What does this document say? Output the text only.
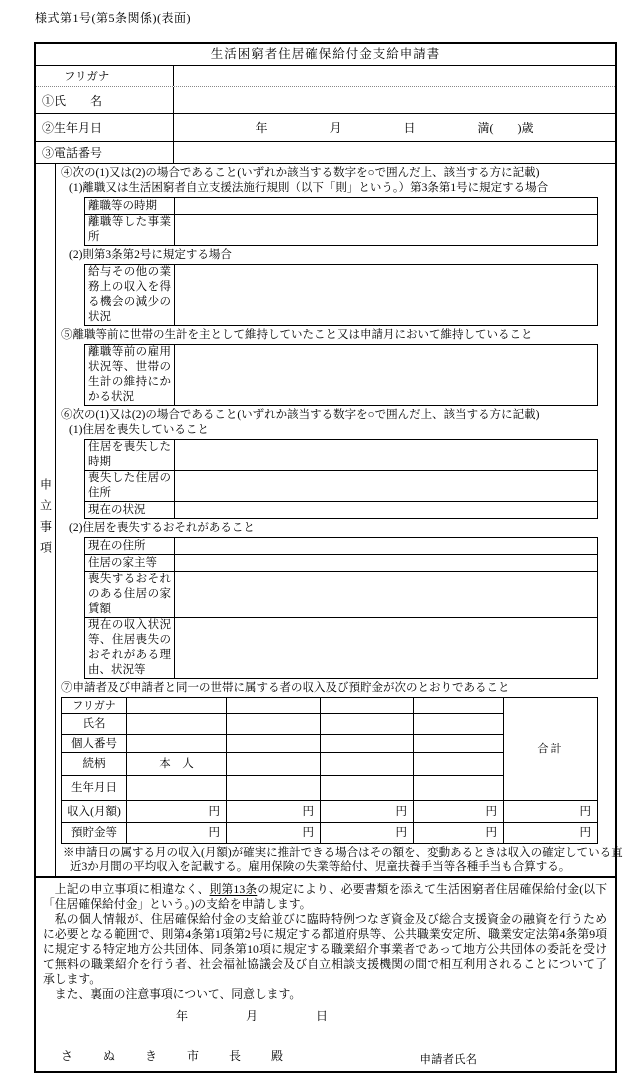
様式第1号(第5条関係)(表面)
生活困窮者住居確保給付金支給申請書
フリガナ
①氏　　名
②生年月日	年	月	日	満(　　)歳
③電話番号
申立事項
④次の(1)又は(2)の場合であること(いずれか該当する数字を○で囲んだ上、該当する方に記載)
(1)離職又は生活困窮者自立支援法施行規則（以下「則」という。）第3条第1号に規定する場合
離職等の時期	
離職等した事業所	
(2)則第3条第2号に規定する場合
給与その他の業務上の収入を得る機会の減少の状況	
⑤離職等前に世帯の生計を主として維持していたこと又は申請月において維持していること
離職等前の雇用状況等、世帯の生計の維持にかかる状況	
⑥次の(1)又は(2)の場合であること(いずれか該当する数字を○で囲んだ上、該当する方に記載)
(1)住居を喪失していること
住居を喪失した時期	
喪失した住居の住所	
現在の状況	
(2)住居を喪失するおそれがあること
現在の住所	
住居の家主等	
喪失するおそれのある住居の家賃額	
現在の収入状況等、住居喪失のおそれがある理由、状況等	
⑦申請者及び申請者と同一の世帯に属する者の収入及び預貯金が次のとおりであること
フリガナ					合計
氏名					
個人番号					
続柄	本　人				
生年月日					
収入(月額)	円	円	円	円	円
預貯金等	円	円	円	円	円
※申請日の属する月の収入(月額)が確実に推計できる場合はその額を、変動あるときは収入の確定している直
近3か月間の平均収入を記載する。雇用保険の失業等給付、児童扶養手当等各種手当も合算する。

上記の申立事項に相違なく、則第13条の規定により、必要書類を添えて生活困窮者住居確保給付金(以下「住居確保給付金」という。)の支給を申請します。

私の個人情報が、住居確保給付金の支給並びに臨時特例つなぎ資金及び総合支援資金の融資を行うために必要となる範囲で、則第4条第1項第2号に規定する都道府県等、公共職業安定所、職業安定法第4条第9項に規定する特定地方公共団体、同条第10項に規定する職業紹介事業者であって地方公共団体の委託を受けて無料の職業紹介を行う者、社会福祉協議会及び自立相談支援機関の間で相互利用されることについて了承します。

また、裏面の注意事項について、同意します。

年	月	日
さ　ぬ　き　市　長　殿	申請者氏名
